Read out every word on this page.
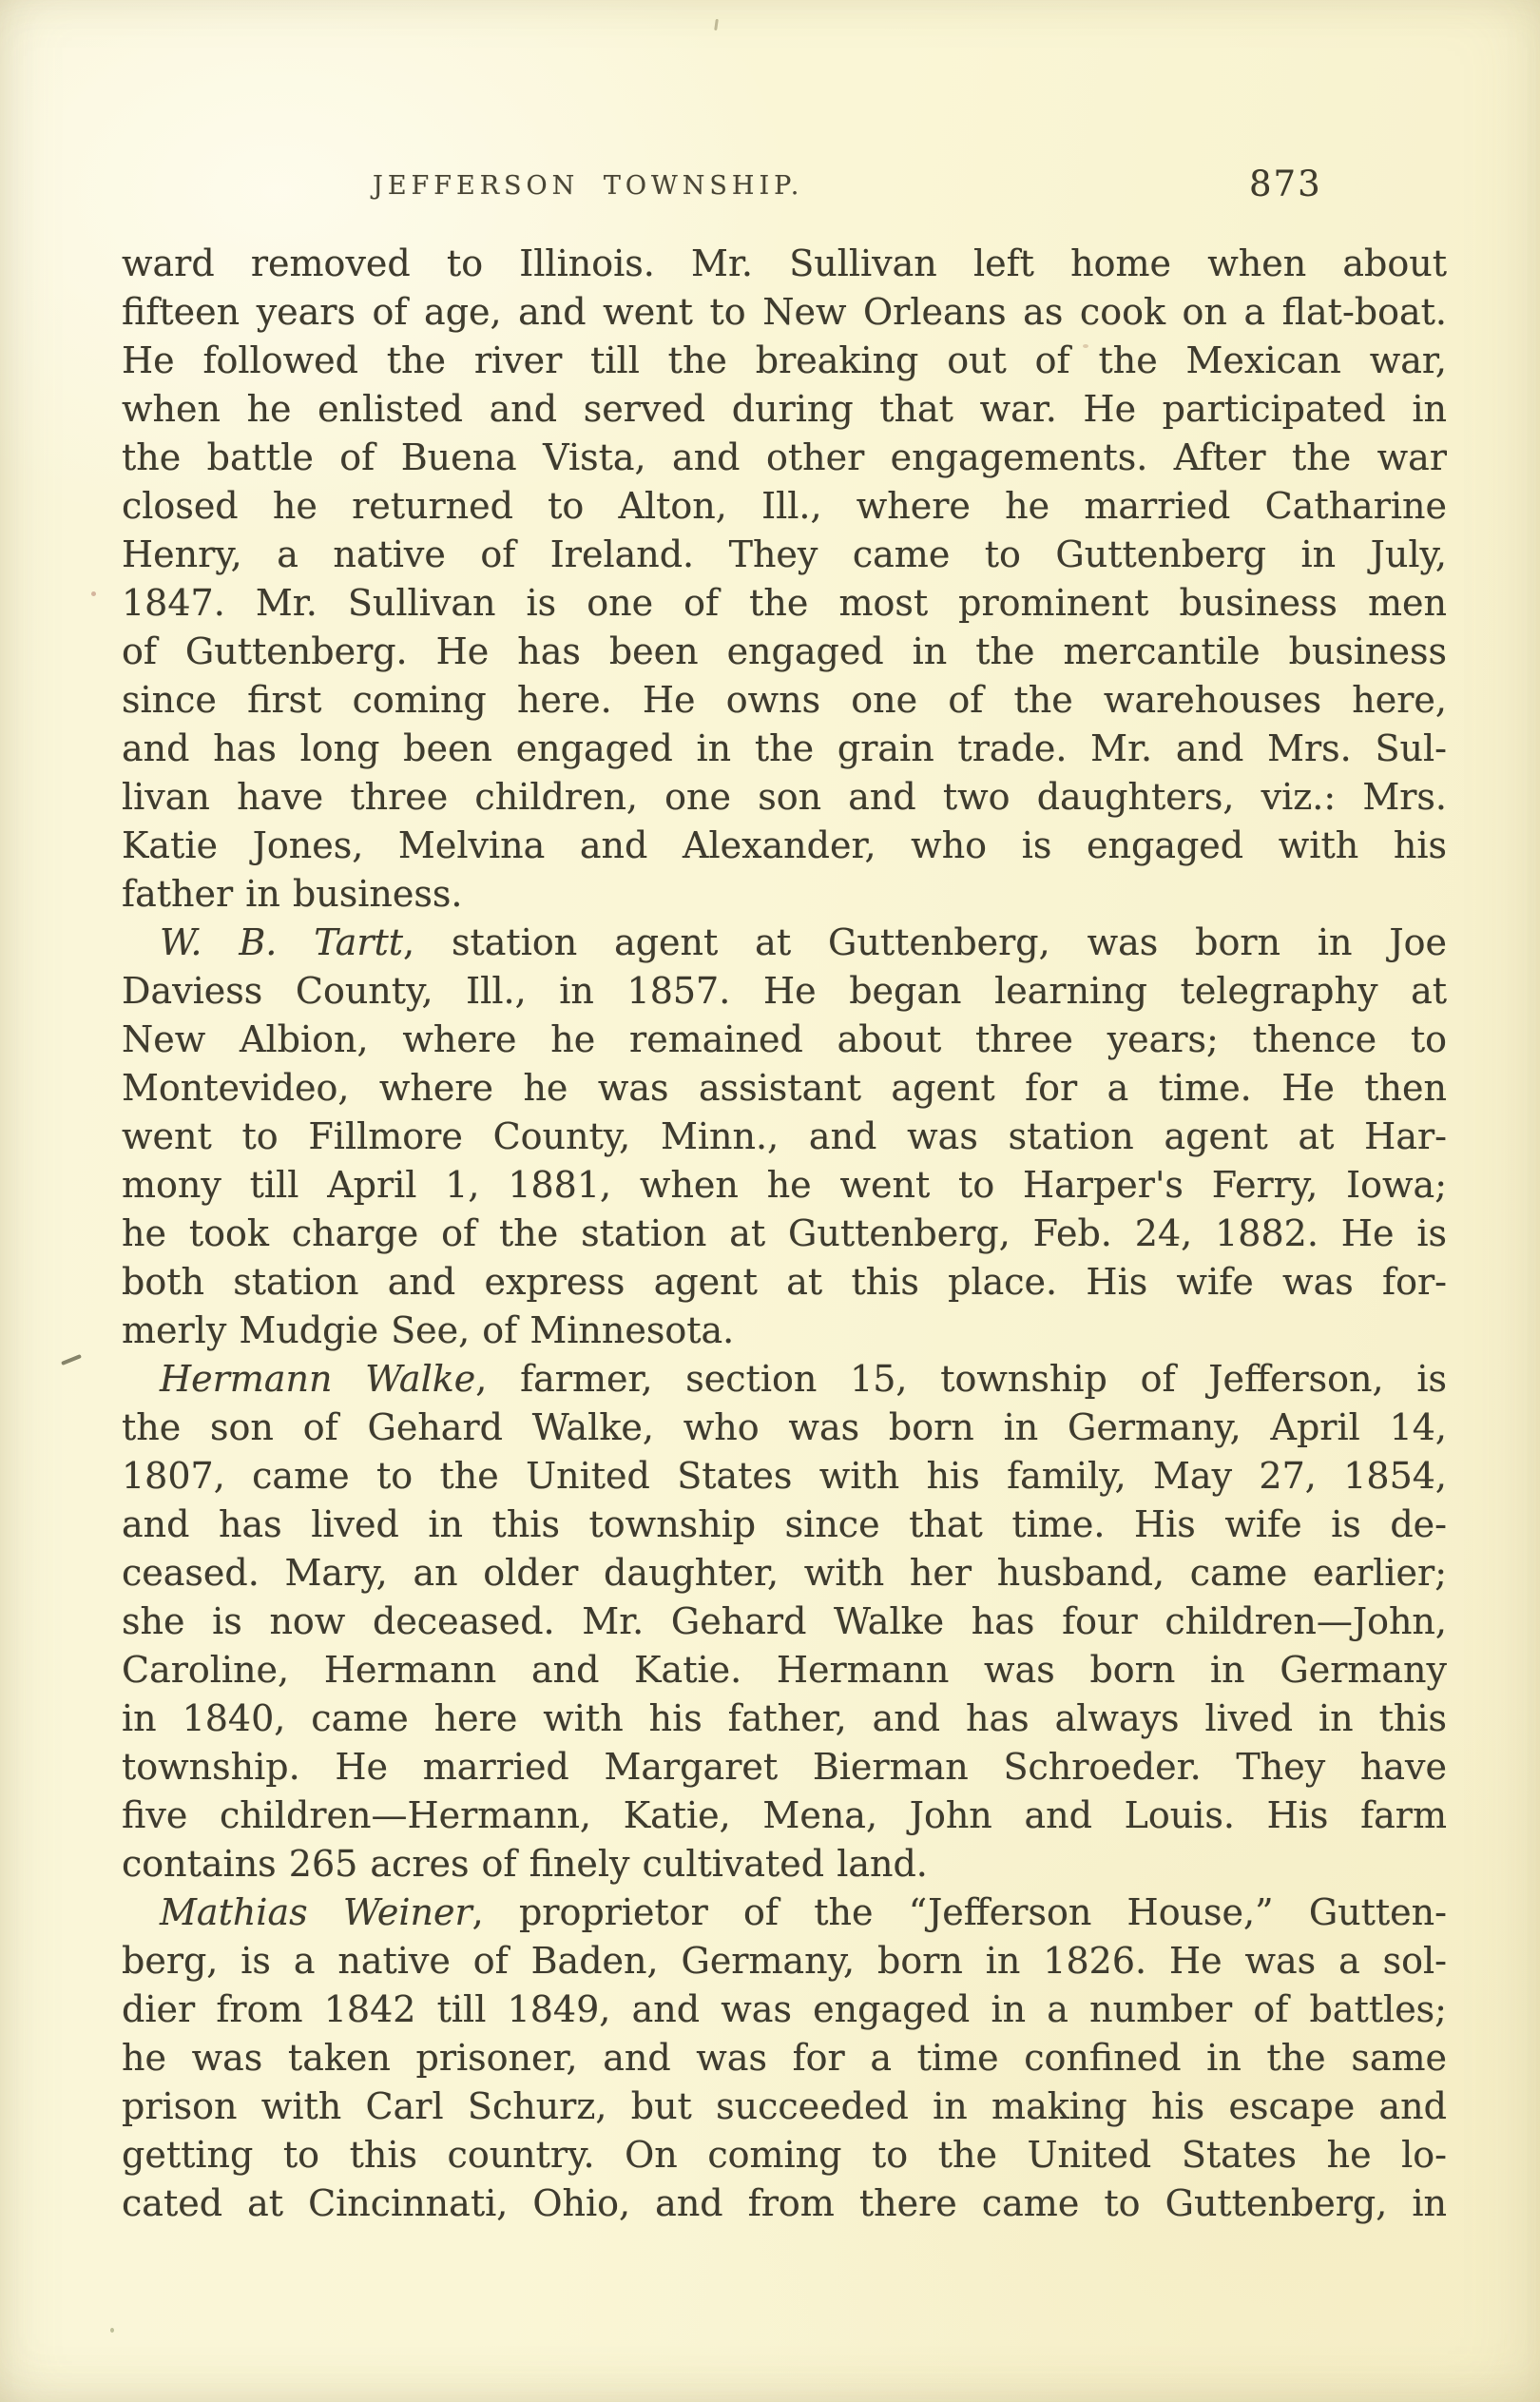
JEFFERSON TOWNSHIP.	873
ward removed to Illinois. Mr. Sullivan left home when about
fifteen years of age, and went to New Orleans as cook on a flat-boat.
He followed the river till the breaking out of the Mexican war,
when he enlisted and served during that war. He participated in
the battle of Buena Vista, and other engagements. After the war
closed he returned to Alton, Ill., where he married Catharine
Henry, a native of Ireland. They came to Guttenberg in July,
1847. Mr. Sullivan is one of the most prominent business men
of Guttenberg. He has been engaged in the mercantile business
since first coming here. He owns one of the warehouses here,
and has long been engaged in the grain trade. Mr. and Mrs. Sul-
livan have three children, one son and two daughters, viz.: Mrs.
Katie Jones, Melvina and Alexander, who is engaged with his
father in business.
W. B. Tartt, station agent at Guttenberg, was born in Joe
Daviess County, Ill., in 1857. He began learning telegraphy at
New Albion, where he remained about three years; thence to
Montevideo, where he was assistant agent for a time. He then
went to Fillmore County, Minn., and was station agent at Har-
mony till April 1, 1881, when he went to Harper's Ferry, Iowa;
he took charge of the station at Guttenberg, Feb. 24, 1882. He is
both station and express agent at this place. His wife was for-
merly Mudgie See, of Minnesota.
Hermann Walke, farmer, section 15, township of Jefferson, is
the son of Gehard Walke, who was born in Germany, April 14,
1807, came to the United States with his family, May 27, 1854,
and has lived in this township since that time. His wife is de-
ceased. Mary, an older daughter, with her husband, came earlier;
she is now deceased. Mr. Gehard Walke has four children—John,
Caroline, Hermann and Katie. Hermann was born in Germany
in 1840, came here with his father, and has always lived in this
township. He married Margaret Bierman Schroeder. They have
five children—Hermann, Katie, Mena, John and Louis. His farm
contains 265 acres of finely cultivated land.
Mathias Weiner, proprietor of the “Jefferson House,” Gutten-
berg, is a native of Baden, Germany, born in 1826. He was a sol-
dier from 1842 till 1849, and was engaged in a number of battles;
he was taken prisoner, and was for a time confined in the same
prison with Carl Schurz, but succeeded in making his escape and
getting to this country. On coming to the United States he lo-
cated at Cincinnati, Ohio, and from there came to Guttenberg, in
